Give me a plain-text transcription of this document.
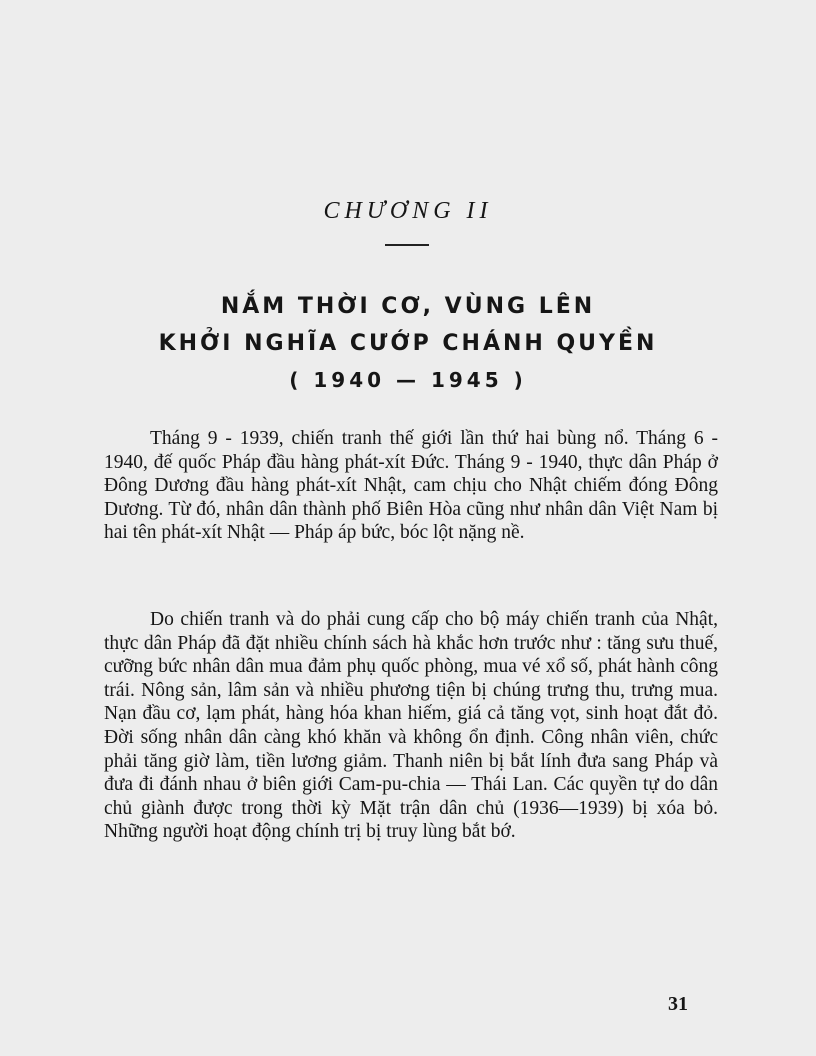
CHƯƠNG II
NẮM THỜI CƠ, VÙNG LÊN
KHỞI NGHĨA CƯỚP CHÁNH QUYỀN
( 1940 — 1945 )

Tháng 9 - 1939, chiến tranh thế giới lần thứ hai bùng nổ. Tháng 6 - 1940, đế quốc Pháp đầu hàng phát-xít Đức. Tháng 9 - 1940, thực dân Pháp ở Đông Dương đầu hàng phát-xít Nhật, cam chịu cho Nhật chiếm đóng Đông Dương. Từ đó, nhân dân thành phố Biên Hòa cũng như nhân dân Việt Nam bị hai tên phát-xít Nhật — Pháp áp bức, bóc lột nặng nề.

Do chiến tranh và do phải cung cấp cho bộ máy chiến tranh của Nhật, thực dân Pháp đã đặt nhiều chính sách hà khắc hơn trước như : tăng sưu thuế, cưỡng bức nhân dân mua đảm phụ quốc phòng, mua vé xổ số, phát hành công trái. Nông sản, lâm sản và nhiều phương tiện bị chúng trưng thu, trưng mua. Nạn đầu cơ, lạm phát, hàng hóa khan hiếm, giá cả tăng vọt, sinh hoạt đắt đỏ. Đời sống nhân dân càng khó khăn và không ổn định. Công nhân viên, chức phải tăng giờ làm, tiền lương giảm. Thanh niên bị bắt lính đưa sang Pháp và đưa đi đánh nhau ở biên giới Cam-pu-chia — Thái Lan. Các quyền tự do dân chủ giành được trong thời kỳ Mặt trận dân chủ (1936—1939) bị xóa bỏ. Những người hoạt động chính trị bị truy lùng bắt bớ.

31
